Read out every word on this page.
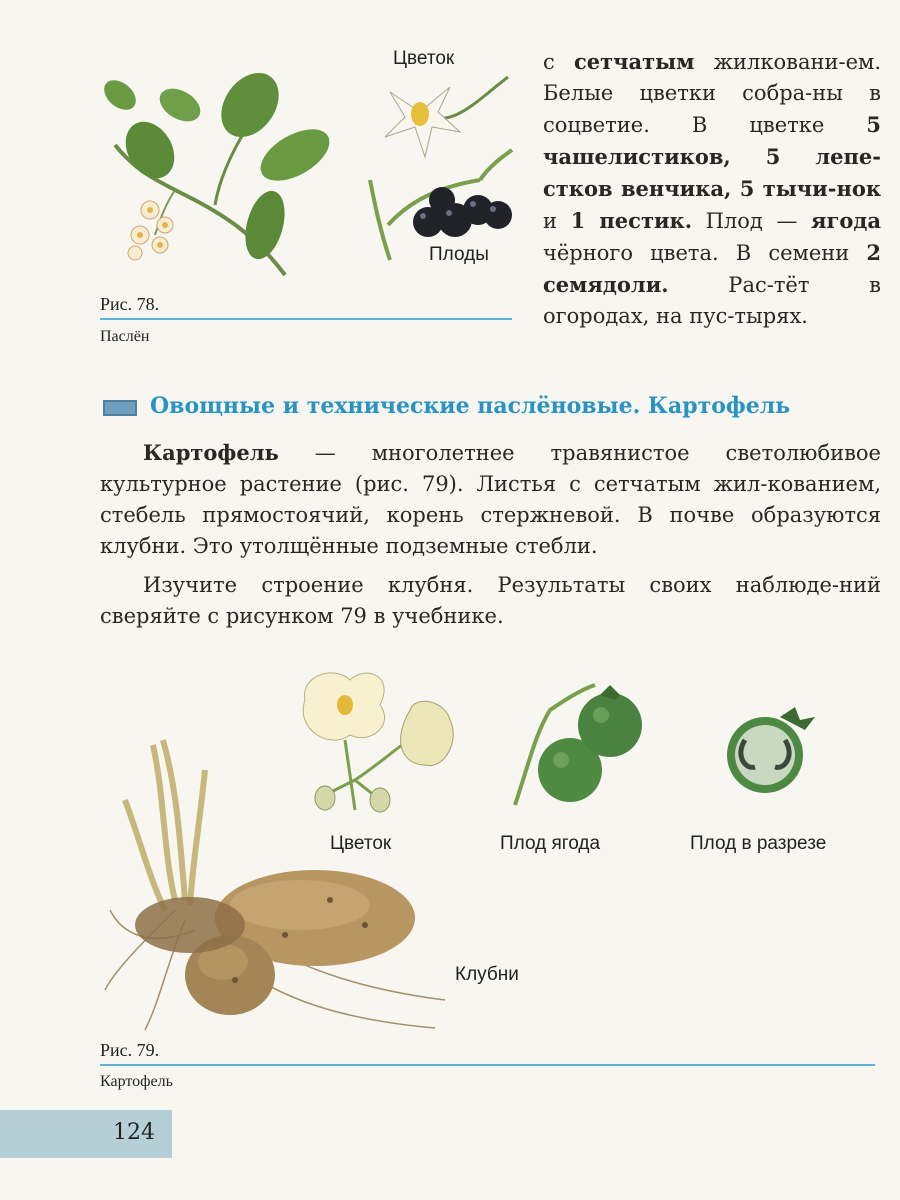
Цветок
Плоды
Рис. 78.
Паслён

с сетчатым жилковани-ем. Белые цветки собра-ны в соцветие. В цветке 5 чашелистиков, 5 лепе-стков венчика, 5 тычи-нок и 1 пестик. Плод — ягода чёрного цвета. В семени 2 семядоли. Рас-тёт в огородах, на пус-тырях.

Овощные и технические паслёновые. Картофель

Картофель — многолетнее травянистое светолюбивое культурное растение (рис. 79). Листья с сетчатым жил-кованием, стебель прямостоячий, корень стержневой. В почве образуются клубни. Это утолщённые подземные стебли.

Изучите строение клубня. Результаты своих наблюде-ний сверяйте с рисунком 79 в учебнике.

Цветок	Плод ягода	Плод в разрезе
Клубни
Рис. 79.
Картофель
124
